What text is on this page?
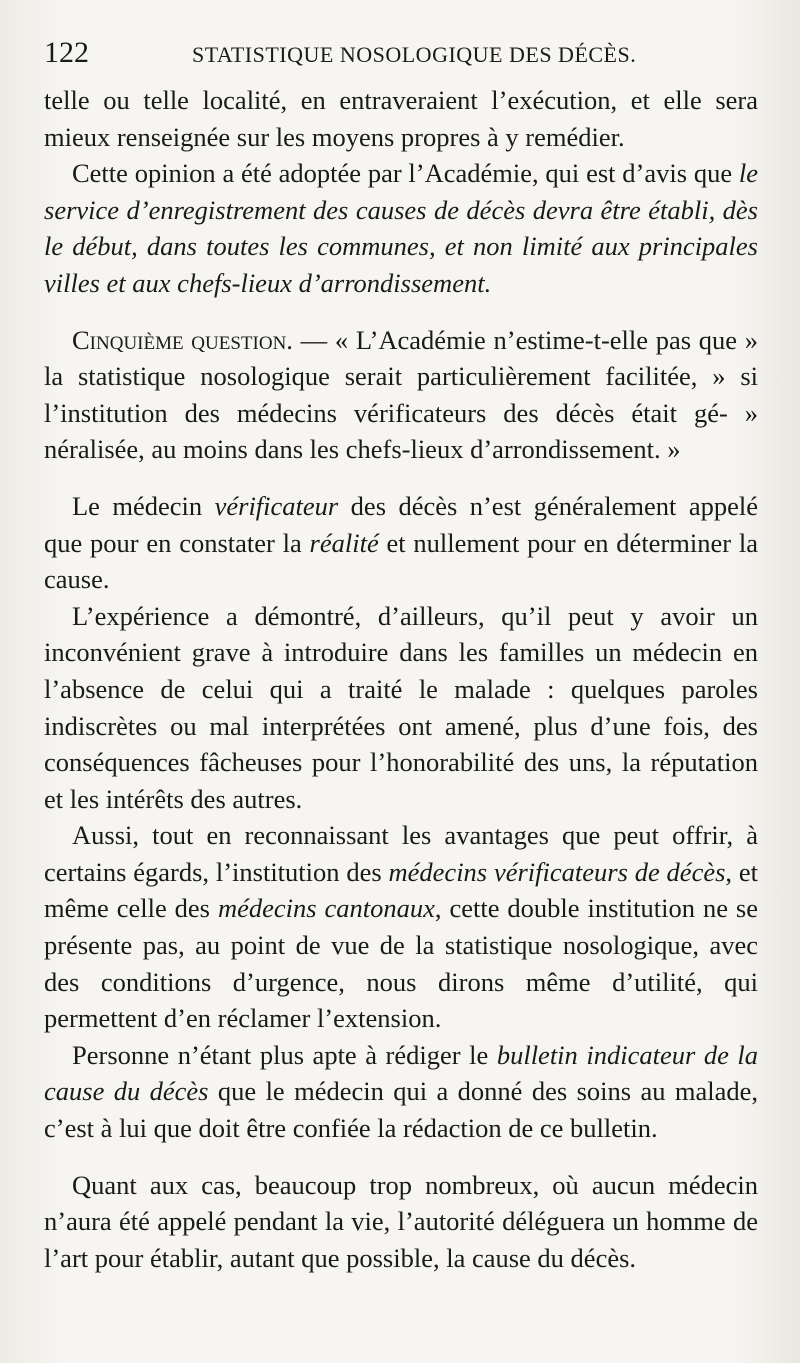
122	STATISTIQUE NOSOLOGIQUE DES DÉCÈS.

telle ou telle localité, en entraveraient l’exécution, et elle sera mieux renseignée sur les moyens propres à y remédier.

Cette opinion a été adoptée par l’Académie, qui est d’avis que le service d’enregistrement des causes de décès devra être établi, dès le début, dans toutes les communes, et non limité aux principales villes et aux chefs-lieux d’arrondissement.

Cinquième question. — « L’Académie n’estime-t-elle pas que » la statistique nosologique serait particulièrement facilitée, » si l’institution des médecins vérificateurs des décès était gé- » néralisée, au moins dans les chefs-lieux d’arrondissement. »

Le médecin vérificateur des décès n’est généralement appelé que pour en constater la réalité et nullement pour en déterminer la cause.

L’expérience a démontré, d’ailleurs, qu’il peut y avoir un inconvénient grave à introduire dans les familles un médecin en l’absence de celui qui a traité le malade : quelques paroles indiscrètes ou mal interprétées ont amené, plus d’une fois, des conséquences fâcheuses pour l’honorabilité des uns, la réputation et les intérêts des autres.

Aussi, tout en reconnaissant les avantages que peut offrir, à certains égards, l’institution des médecins vérificateurs de décès, et même celle des médecins cantonaux, cette double institution ne se présente pas, au point de vue de la statistique nosologique, avec des conditions d’urgence, nous dirons même d’utilité, qui permettent d’en réclamer l’extension.

Personne n’étant plus apte à rédiger le bulletin indicateur de la cause du décès que le médecin qui a donné des soins au malade, c’est à lui que doit être confiée la rédaction de ce bulletin.

Quant aux cas, beaucoup trop nombreux, où aucun médecin n’aura été appelé pendant la vie, l’autorité déléguera un homme de l’art pour établir, autant que possible, la cause du décès.
